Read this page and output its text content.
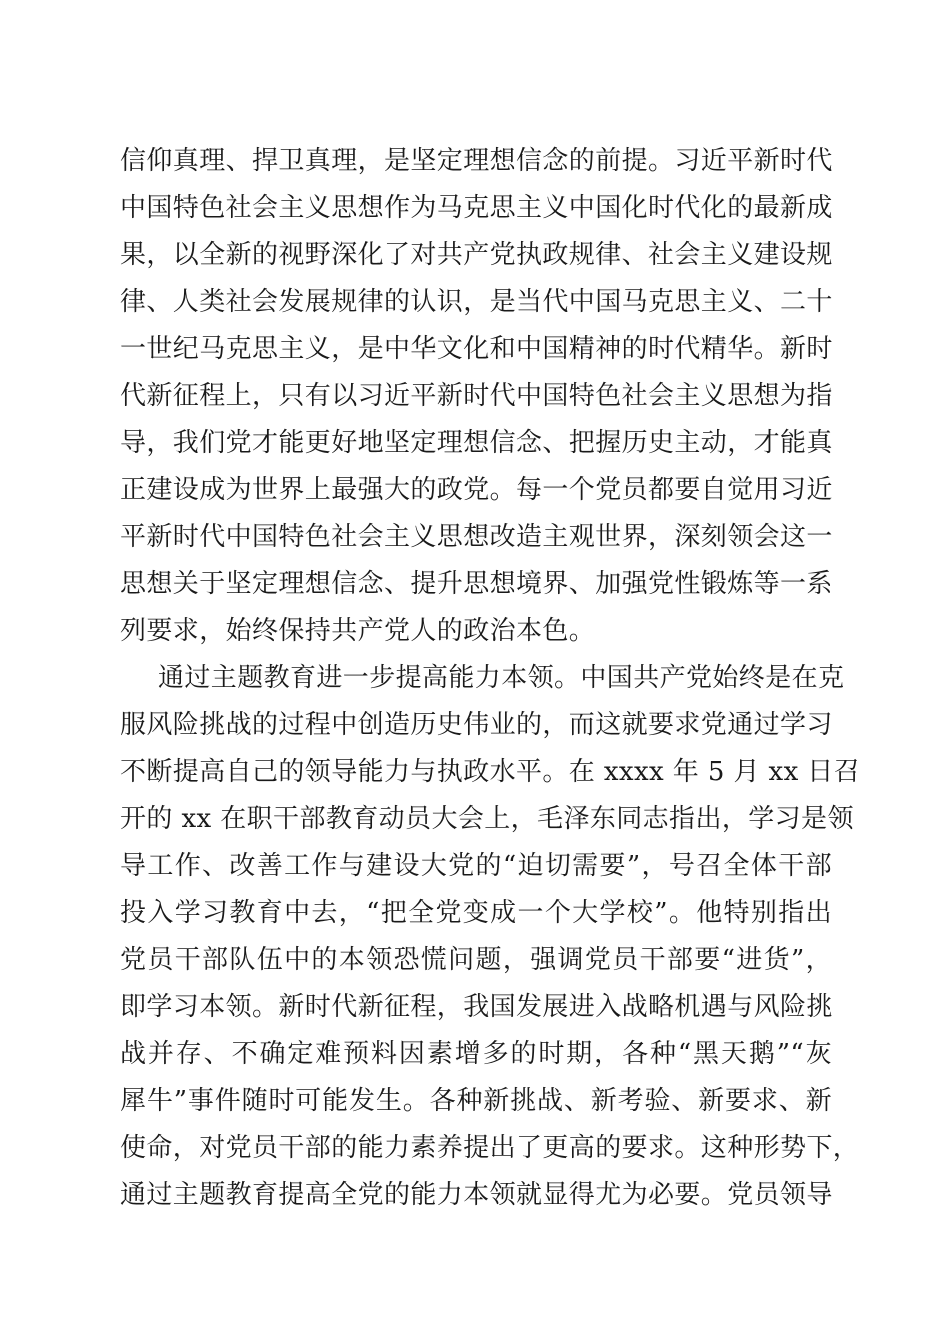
信仰真理、捍卫真理，是坚定理想信念的前提。习近平新时代
中国特色社会主义思想作为马克思主义中国化时代化的最新成
果，以全新的视野深化了对共产党执政规律、社会主义建设规
律、人类社会发展规律的认识，是当代中国马克思主义、二十
一世纪马克思主义，是中华文化和中国精神的时代精华。新时
代新征程上，只有以习近平新时代中国特色社会主义思想为指
导，我们党才能更好地坚定理想信念、把握历史主动，才能真
正建设成为世界上最强大的政党。每一个党员都要自觉用习近
平新时代中国特色社会主义思想改造主观世界，深刻领会这一
思想关于坚定理想信念、提升思想境界、加强党性锻炼等一系
列要求，始终保持共产党人的政治本色。
通过主题教育进一步提高能力本领。中国共产党始终是在克
服风险挑战的过程中创造历史伟业的，而这就要求党通过学习
不断提高自己的领导能力与执政水平。在 xxxx 年 5 月 xx 日召
开的 xx 在职干部教育动员大会上，毛泽东同志指出，学习是领
导工作、改善工作与建设大党的“迫切需要”，号召全体干部
投入学习教育中去，“把全党变成一个大学校”。他特别指出
党员干部队伍中的本领恐慌问题，强调党员干部要“进货”，
即学习本领。新时代新征程，我国发展进入战略机遇与风险挑
战并存、不确定难预料因素增多的时期，各种“黑天鹅”“灰
犀牛”事件随时可能发生。各种新挑战、新考验、新要求、新
使命，对党员干部的能力素养提出了更高的要求。这种形势下，
通过主题教育提高全党的能力本领就显得尤为必要。党员领导
